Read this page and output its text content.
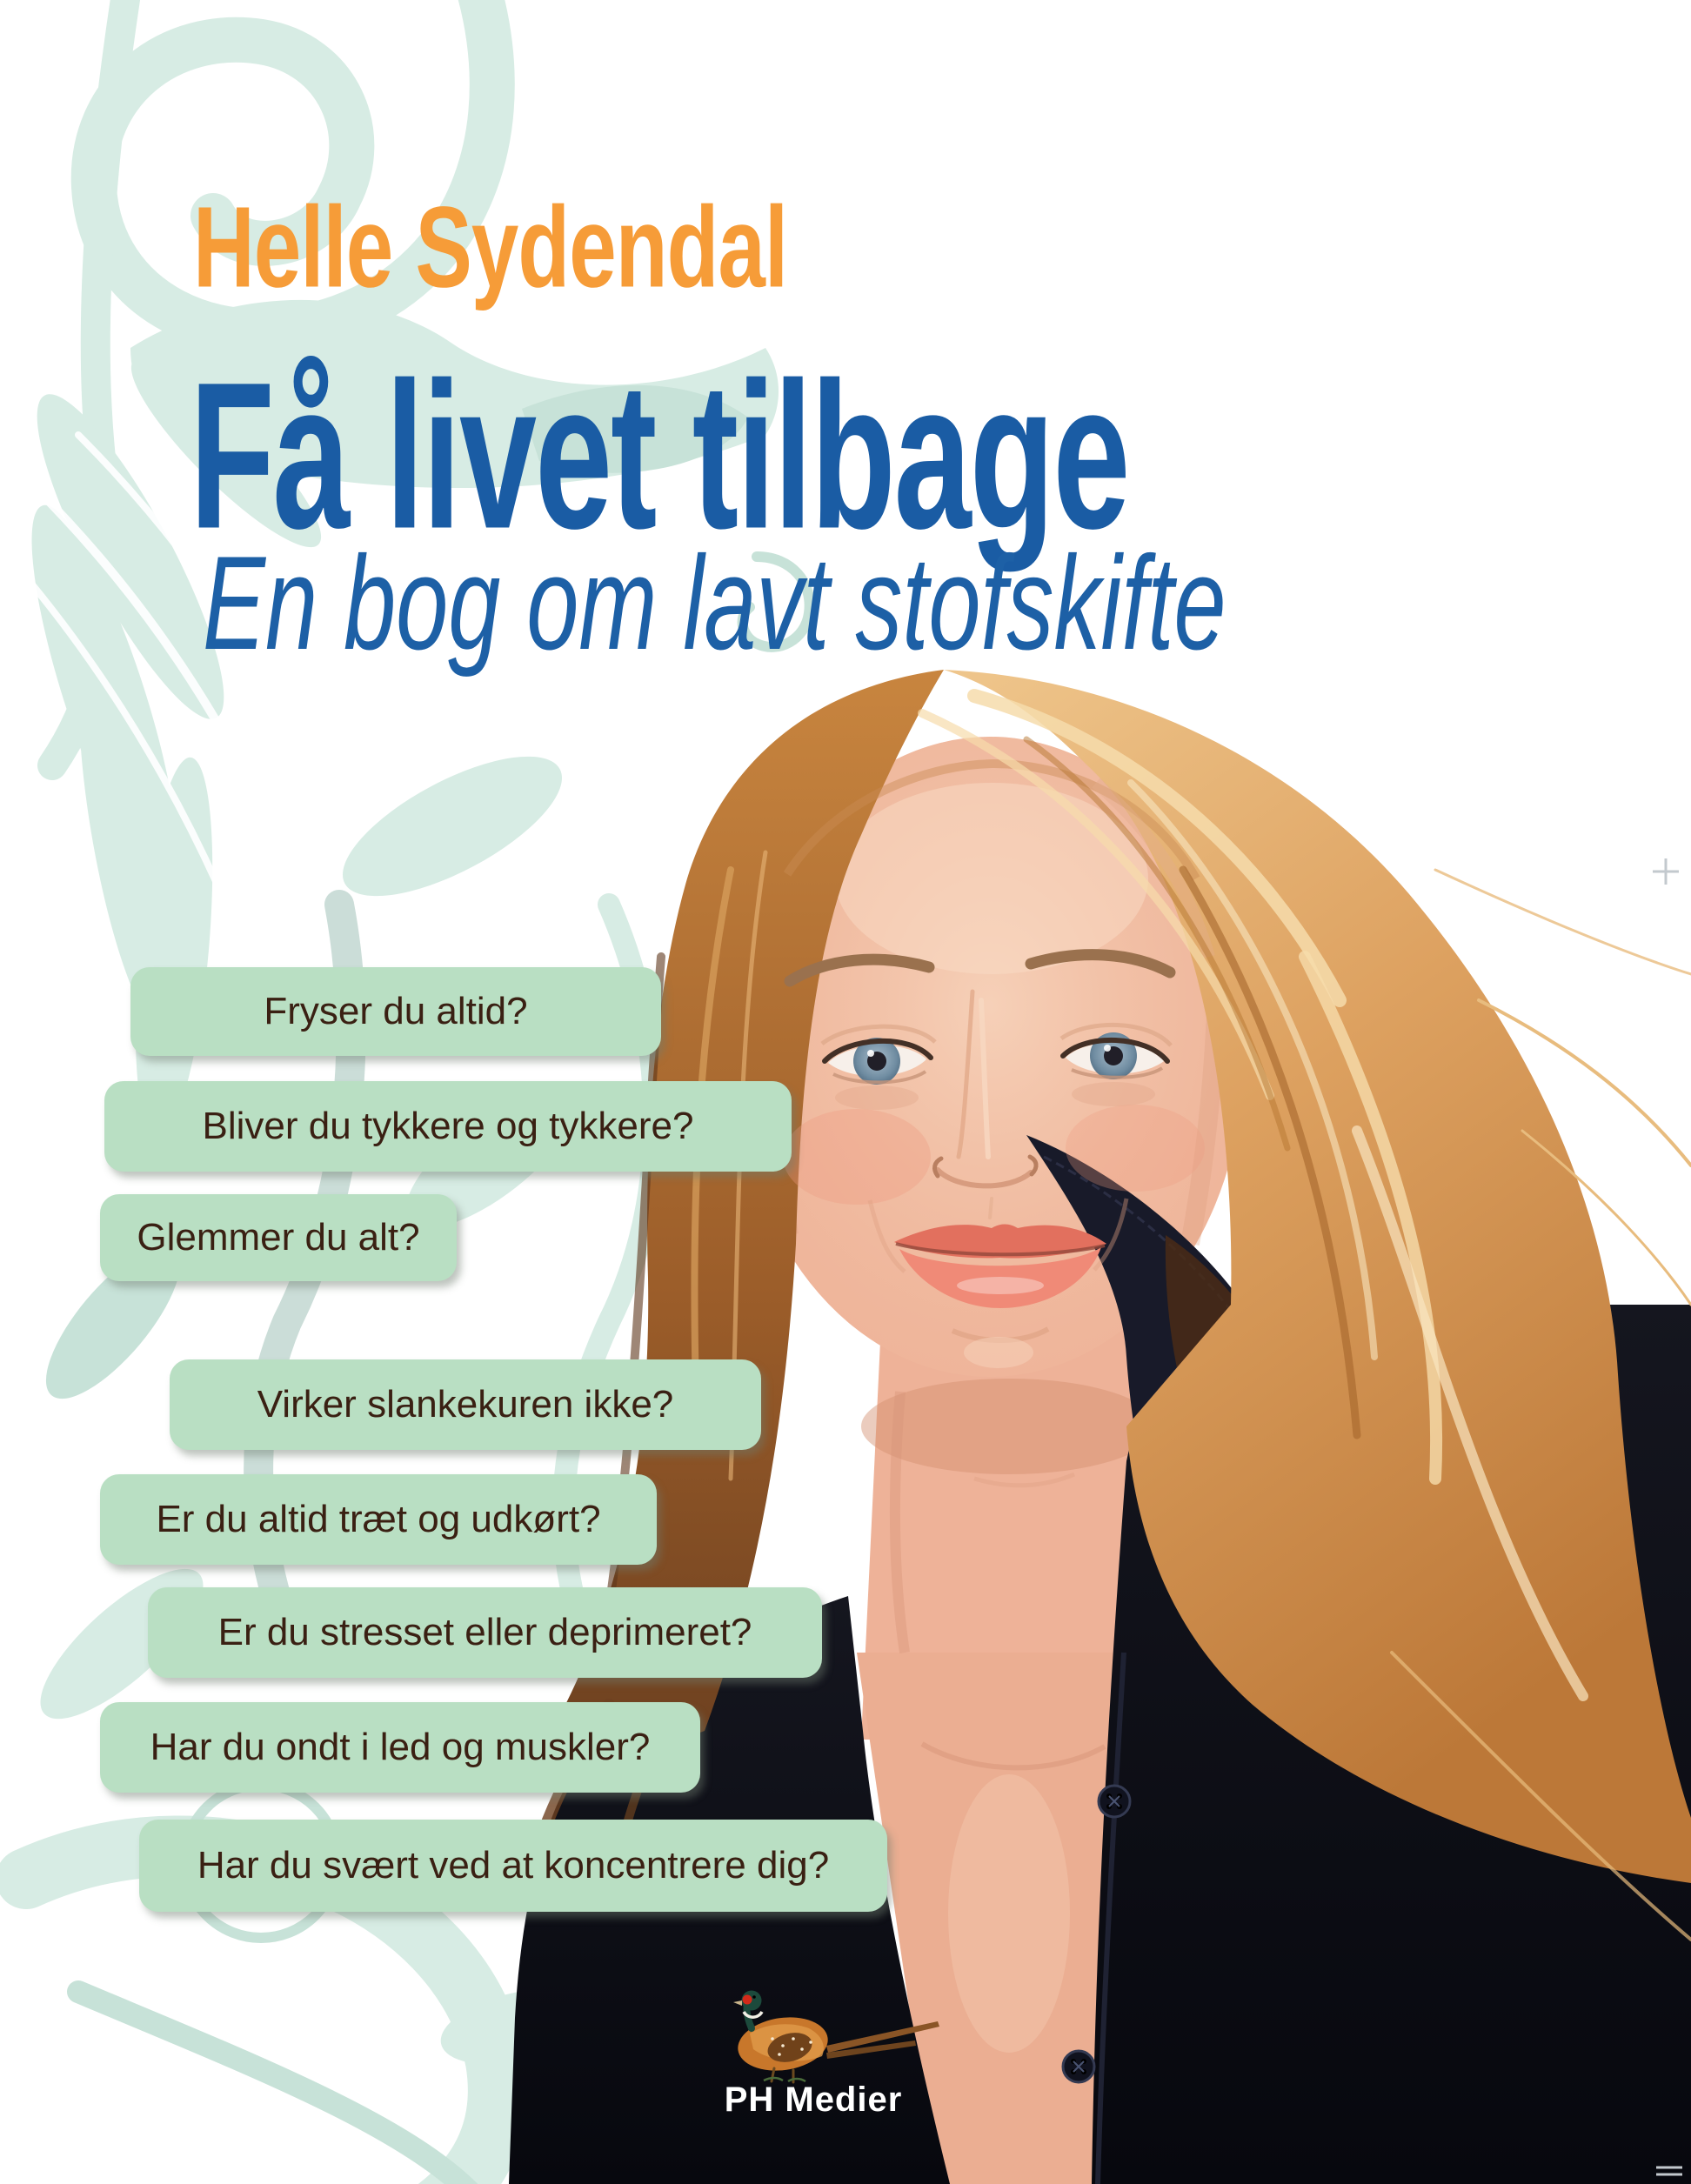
Helle Sydendal
Få livet tilbage
En bog om lavt stofskifte
Fryser du altid?
Bliver du tykkere og tykkere?
Glemmer du alt?
Virker slankekuren ikke?
Er du altid træt og udkørt?
Er du stresset eller deprimeret?
Har du ondt i led og muskler?
Har du svært ved at koncentrere dig?
PH Medier
